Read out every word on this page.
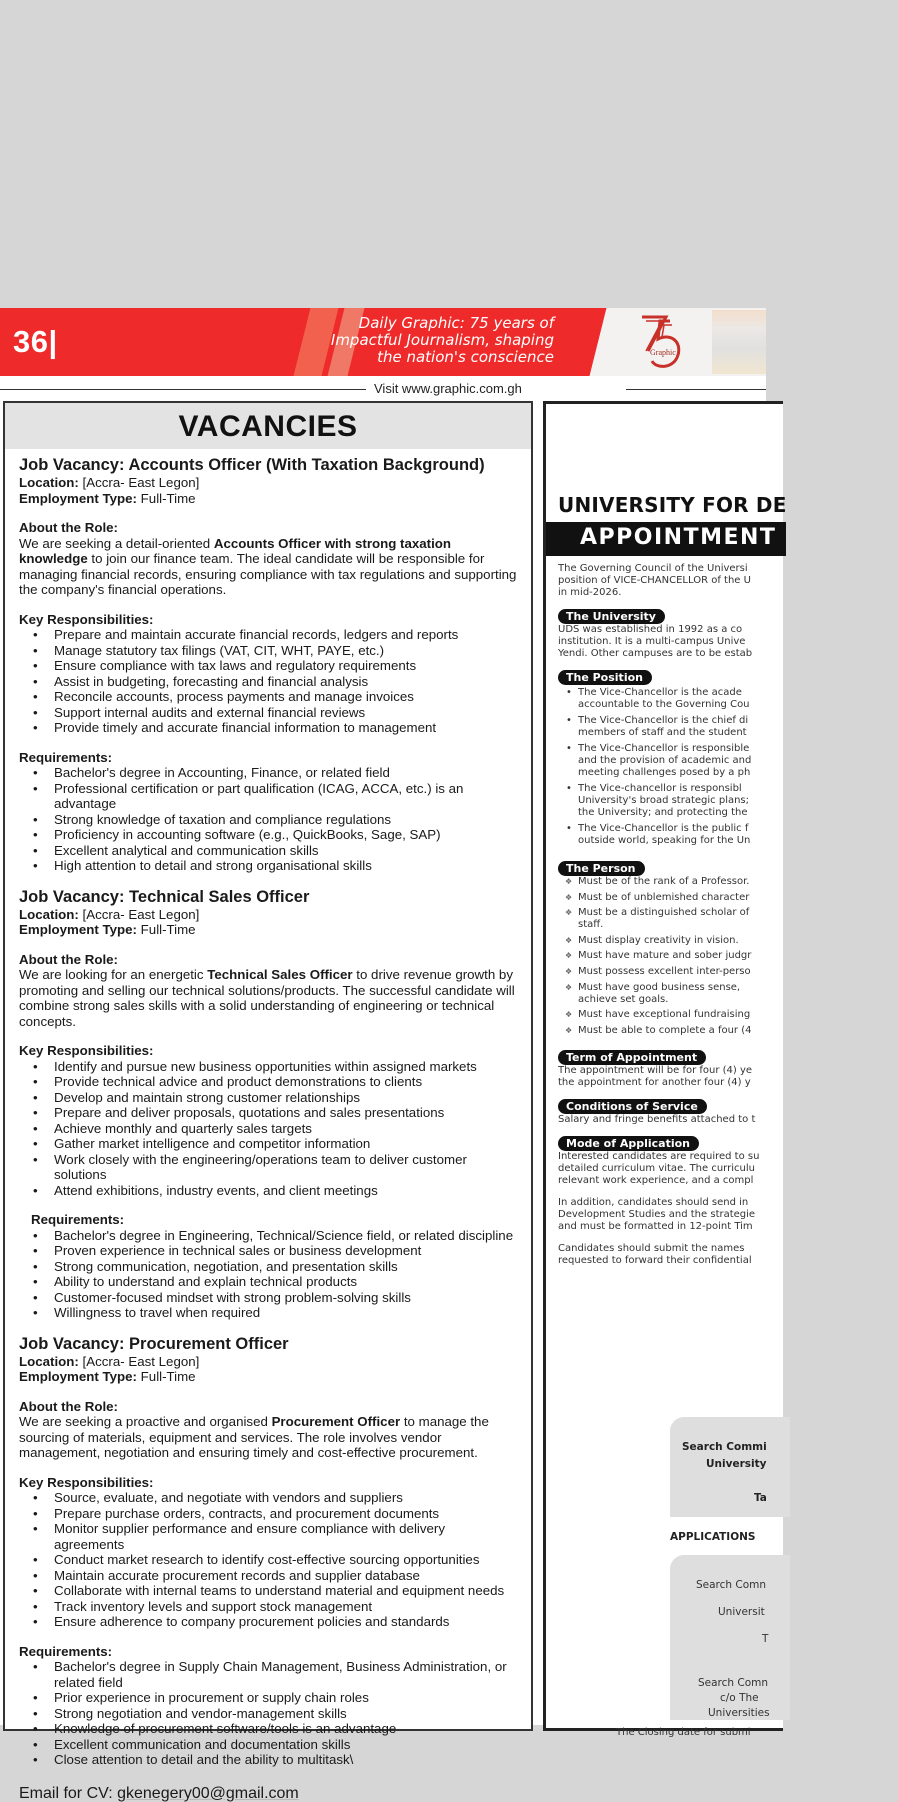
36|
Daily Graphic: 75 years of
Impactful Journalism, shaping
the nation's conscience	Graphic
Visit www.graphic.com.gh
VACANCIES
Job Vacancy: Accounts Officer (With Taxation Background)
Location: [Accra- East Legon]
Employment Type: Full-Time
About the Role:
We are seeking a detail-oriented Accounts Officer with strong taxation knowledge to join our finance team. The ideal candidate will be responsible for managing financial records, ensuring compliance with tax regulations and supporting the company's financial operations.
Key Responsibilities:
• Prepare and maintain accurate financial records, ledgers and reports
• Manage statutory tax filings (VAT, CIT, WHT, PAYE, etc.)
• Ensure compliance with tax laws and regulatory requirements
• Assist in budgeting, forecasting and financial analysis
• Reconcile accounts, process payments and manage invoices
• Support internal audits and external financial reviews
• Provide timely and accurate financial information to management
Requirements:
• Bachelor's degree in Accounting, Finance, or related field
• Professional certification or part qualification (ICAG, ACCA, etc.) is an advantage
• Strong knowledge of taxation and compliance regulations
• Proficiency in accounting software (e.g., QuickBooks, Sage, SAP)
• Excellent analytical and communication skills
• High attention to detail and strong organisational skills
Job Vacancy: Technical Sales Officer
Location: [Accra- East Legon]
Employment Type: Full-Time
About the Role:
We are looking for an energetic Technical Sales Officer to drive revenue growth by promoting and selling our technical solutions/products. The successful candidate will combine strong sales skills with a solid understanding of engineering or technical concepts.
Key Responsibilities:
• Identify and pursue new business opportunities within assigned markets
• Provide technical advice and product demonstrations to clients
• Develop and maintain strong customer relationships
• Prepare and deliver proposals, quotations and sales presentations
• Achieve monthly and quarterly sales targets
• Gather market intelligence and competitor information
• Work closely with the engineering/operations team to deliver customer solutions
• Attend exhibitions, industry events, and client meetings
Requirements:
• Bachelor's degree in Engineering, Technical/Science field, or related discipline
• Proven experience in technical sales or business development
• Strong communication, negotiation, and presentation skills
• Ability to understand and explain technical products
• Customer-focused mindset with strong problem-solving skills
• Willingness to travel when required
Job Vacancy: Procurement Officer
Location: [Accra- East Legon]
Employment Type: Full-Time
About the Role:
We are seeking a proactive and organised Procurement Officer to manage the sourcing of materials, equipment and services. The role involves vendor management, negotiation and ensuring timely and cost-effective procurement.
Key Responsibilities:
• Source, evaluate, and negotiate with vendors and suppliers
• Prepare purchase orders, contracts, and procurement documents
• Monitor supplier performance and ensure compliance with delivery agreements
• Conduct market research to identify cost-effective sourcing opportunities
• Maintain accurate procurement records and supplier database
• Collaborate with internal teams to understand material and equipment needs
• Track inventory levels and support stock management
• Ensure adherence to company procurement policies and standards
Requirements:
• Bachelor's degree in Supply Chain Management, Business Administration, or related field
• Prior experience in procurement or supply chain roles
• Strong negotiation and vendor-management skills
• Knowledge of procurement software/tools is an advantage
• Excellent communication and documentation skills
• Close attention to detail and the ability to multitask\
Email for CV: gkenegery00@gmail.com
UNIVERSITY FOR DE
APPOINTMENT
The Governing Council of the Universi
position of VICE-CHANCELLOR of the U
in mid-2026.
The University
UDS was established in 1992 as a co
institution. It is a multi-campus Unive
Yendi. Other campuses are to be estab
The Position
• The Vice-Chancellor is the acade
accountable to the Governing Cou
• The Vice-Chancellor is the chief di
members of staff and the student
• The Vice-Chancellor is responsible
and the provision of academic and
meeting challenges posed by a ph
• The Vice-chancellor is responsibl
University's broad strategic plans;
the University; and protecting the
• The Vice-Chancellor is the public f
outside world, speaking for the Un
The Person
❖ Must be of the rank of a Professor.
❖ Must be of unblemished character
❖ Must be a distinguished scholar of
staff.
❖ Must display creativity in vision.
❖ Must have mature and sober judgr
❖ Must possess excellent inter-perso
❖ Must have good business sense,
achieve set goals.
❖ Must have exceptional fundraising
❖ Must be able to complete a four (4
Term of Appointment
The appointment will be for four (4) ye
the appointment for another four (4) y
Conditions of Service
Salary and fringe benefits attached to t
Mode of Application
Interested candidates are required to su
detailed curriculum vitae. The curriculu
relevant work experience, and a compl
In addition, candidates should send in
Development Studies and the strategie
and must be formatted in 12-point Tim
Candidates should submit the names
requested to forward their confidential
Search Commi
University
Ta
APPLICATIONS
Search Comn
Universit
T
Search Comn
c/o The
Universities
The Closing date for submi
